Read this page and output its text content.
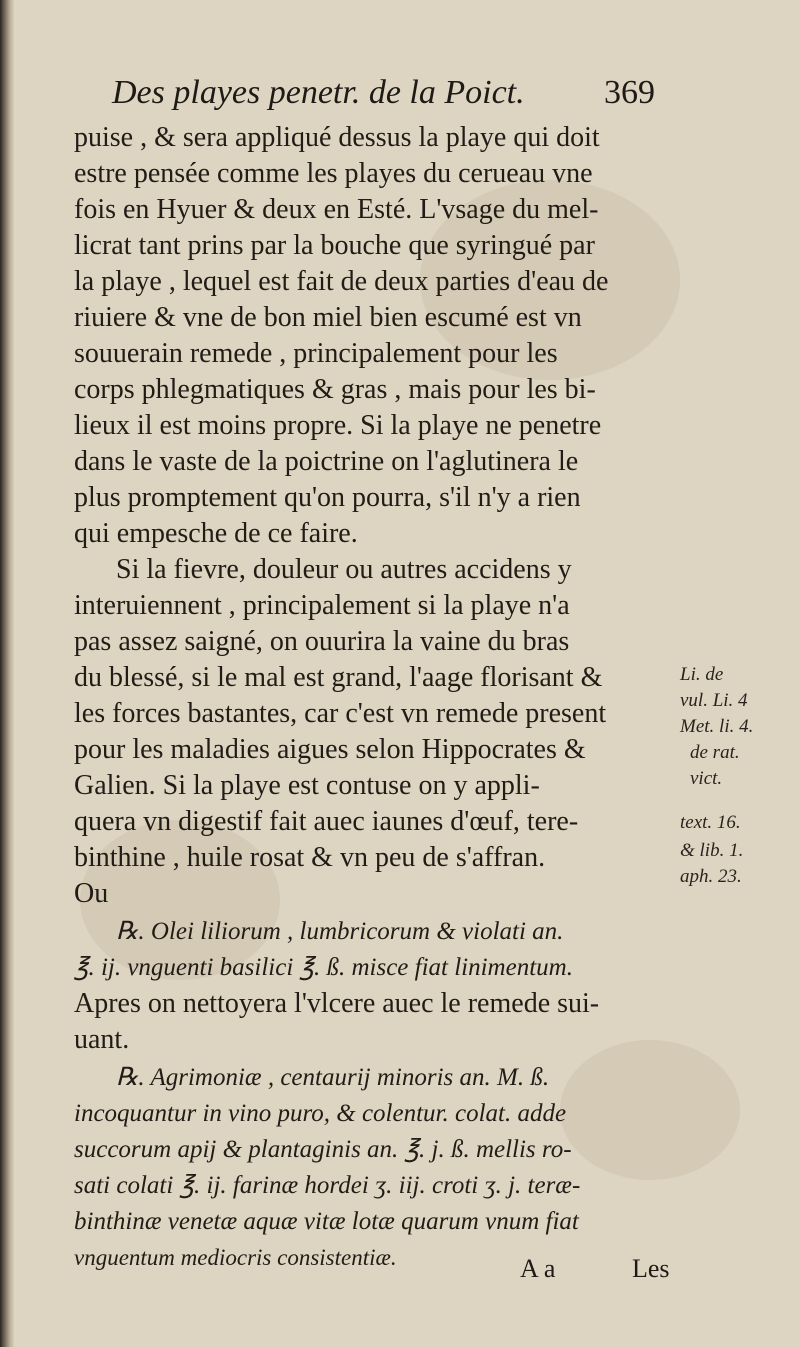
Des playes penetr. de la Poict. 369
puise , & sera appliqué dessus la playe qui doit
estre pensée comme les playes du cerueau vne
fois en Hyuer & deux en Esté. L'vsage du mel-
licrat tant prins par la bouche que syringué par
la playe , lequel est fait de deux parties d'eau de
riuiere & vne de bon miel bien escumé est vn
souuerain remede , principalement pour les
corps phlegmatiques & gras , mais pour les bi-
lieux il est moins propre. Si la playe ne penetre
dans le vaste de la poictrine on l'aglutinera le
plus promptement qu'on pourra, s'il n'y a rien
qui empesche de ce faire.
Si la fievre, douleur ou autres accidens y
interuiennent , principalement si la playe n'a
pas assez saigné, on ouurira la vaine du bras
du blessé, si le mal est grand, l'aage florisant &
les forces bastantes, car c'est vn remede present
pour les maladies aigues selon Hippocrates &
Galien. Si la playe est contuse on y appli-
quera vn digestif fait auec iaunes d'œuf, tere-
binthine , huile rosat & vn peu de s'affran.
Ou
℞. Olei liliorum , lumbricorum & violati an.
℥. ij. vnguenti basilici ℥. ß. misce fiat linimentum.
Apres on nettoyera l'vlcere auec le remede sui-
uant.
℞. Agrimoniæ , centaurij minoris an. M. ß.
incoquantur in vino puro, & colentur. colat. adde
succorum apij & plantaginis an. ℥. j. ß. mellis ro-
sati colati ℥. ij. farinæ hordei ʒ. iij. croti ʒ. j. teræ-
binthinæ venetæ aquæ vitæ lotæ quarum vnum fiat
vnguentum mediocris consistentiæ.
Li. de
vul. Li. 4
Met. li. 4.
de rat.
vict.
text. 16.
& lib. 1.
aph. 23.
A a	Les
